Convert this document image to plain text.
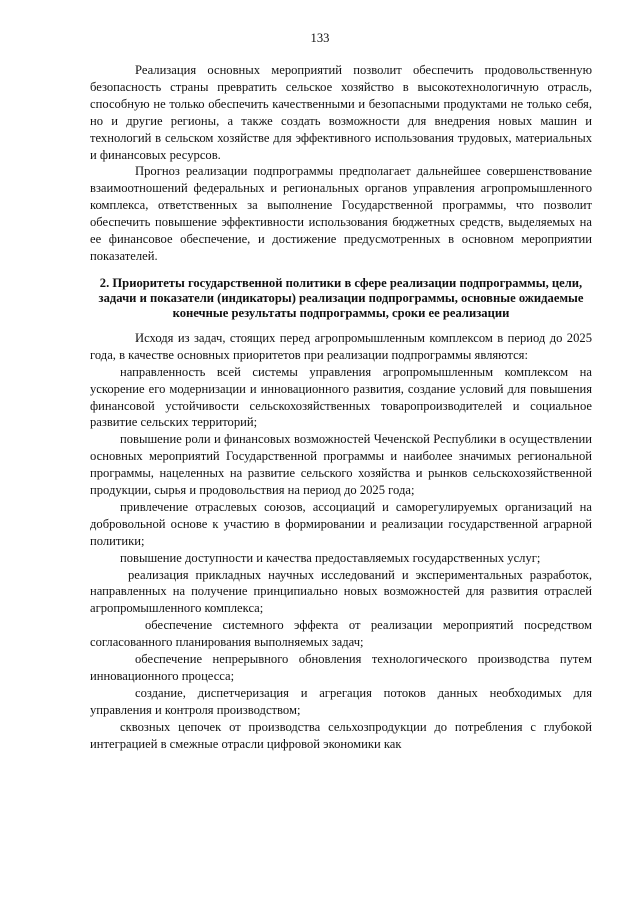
133

Реализация основных мероприятий позволит обеспечить продовольственную безопасность страны превратить сельское хозяйство в высокотехнологичную отрасль, способную не только обеспечить качественными и безопасными продуктами не только себя, но и другие регионы, а также создать возможности для внедрения новых машин и технологий в сельском хозяйстве для эффективного использования трудовых, материальных и финансовых ресурсов.

Прогноз реализации подпрограммы предполагает дальнейшее совершенствование взаимоотношений федеральных и региональных органов управления агропромышленного комплекса, ответственных за выполнение Государственной программы, что позволит обеспечить повышение эффективности использования бюджетных средств, выделяемых на ее финансовое обеспечение, и достижение предусмотренных в основном мероприятии показателей.

2. Приоритеты государственной политики в сфере реализации подпрограммы, цели, задачи и показатели (индикаторы) реализации подпрограммы, основные ожидаемые конечные результаты подпрограммы, сроки ее реализации

Исходя из задач, стоящих перед агропромышленным комплексом в период до 2025 года, в качестве основных приоритетов при реализации подпрограммы являются:

направленность всей системы управления агропромышленным комплексом на ускорение его модернизации и инновационного развития, создание условий для повышения финансовой устойчивости сельскохозяйственных товаропроизводителей и социальное развитие сельских территорий;

повышение роли и финансовых возможностей Чеченской Республики в осуществлении основных мероприятий Государственной программы и наиболее значимых региональной программы, нацеленных на развитие сельского хозяйства и рынков сельскохозяйственной продукции, сырья и продовольствия на период до 2025 года;

привлечение отраслевых союзов, ассоциаций и саморегулируемых организаций на добровольной основе к участию в формировании и реализации государственной аграрной политики;

повышение доступности и качества предоставляемых государственных услуг;

реализация прикладных научных исследований и экспериментальных разработок, направленных на получение принципиально новых возможностей для развития отраслей агропромышленного комплекса;

обеспечение системного эффекта от реализации мероприятий посредством согласованного планирования выполняемых задач;

обеспечение непрерывного обновления технологического производства путем инновационного процесса;

создание, диспетчеризация и агрегация потоков данных необходимых для управления и контроля производством;

сквозных цепочек от производства сельхозпродукции до потребления с глубокой интеграцией в смежные отрасли цифровой экономики как
